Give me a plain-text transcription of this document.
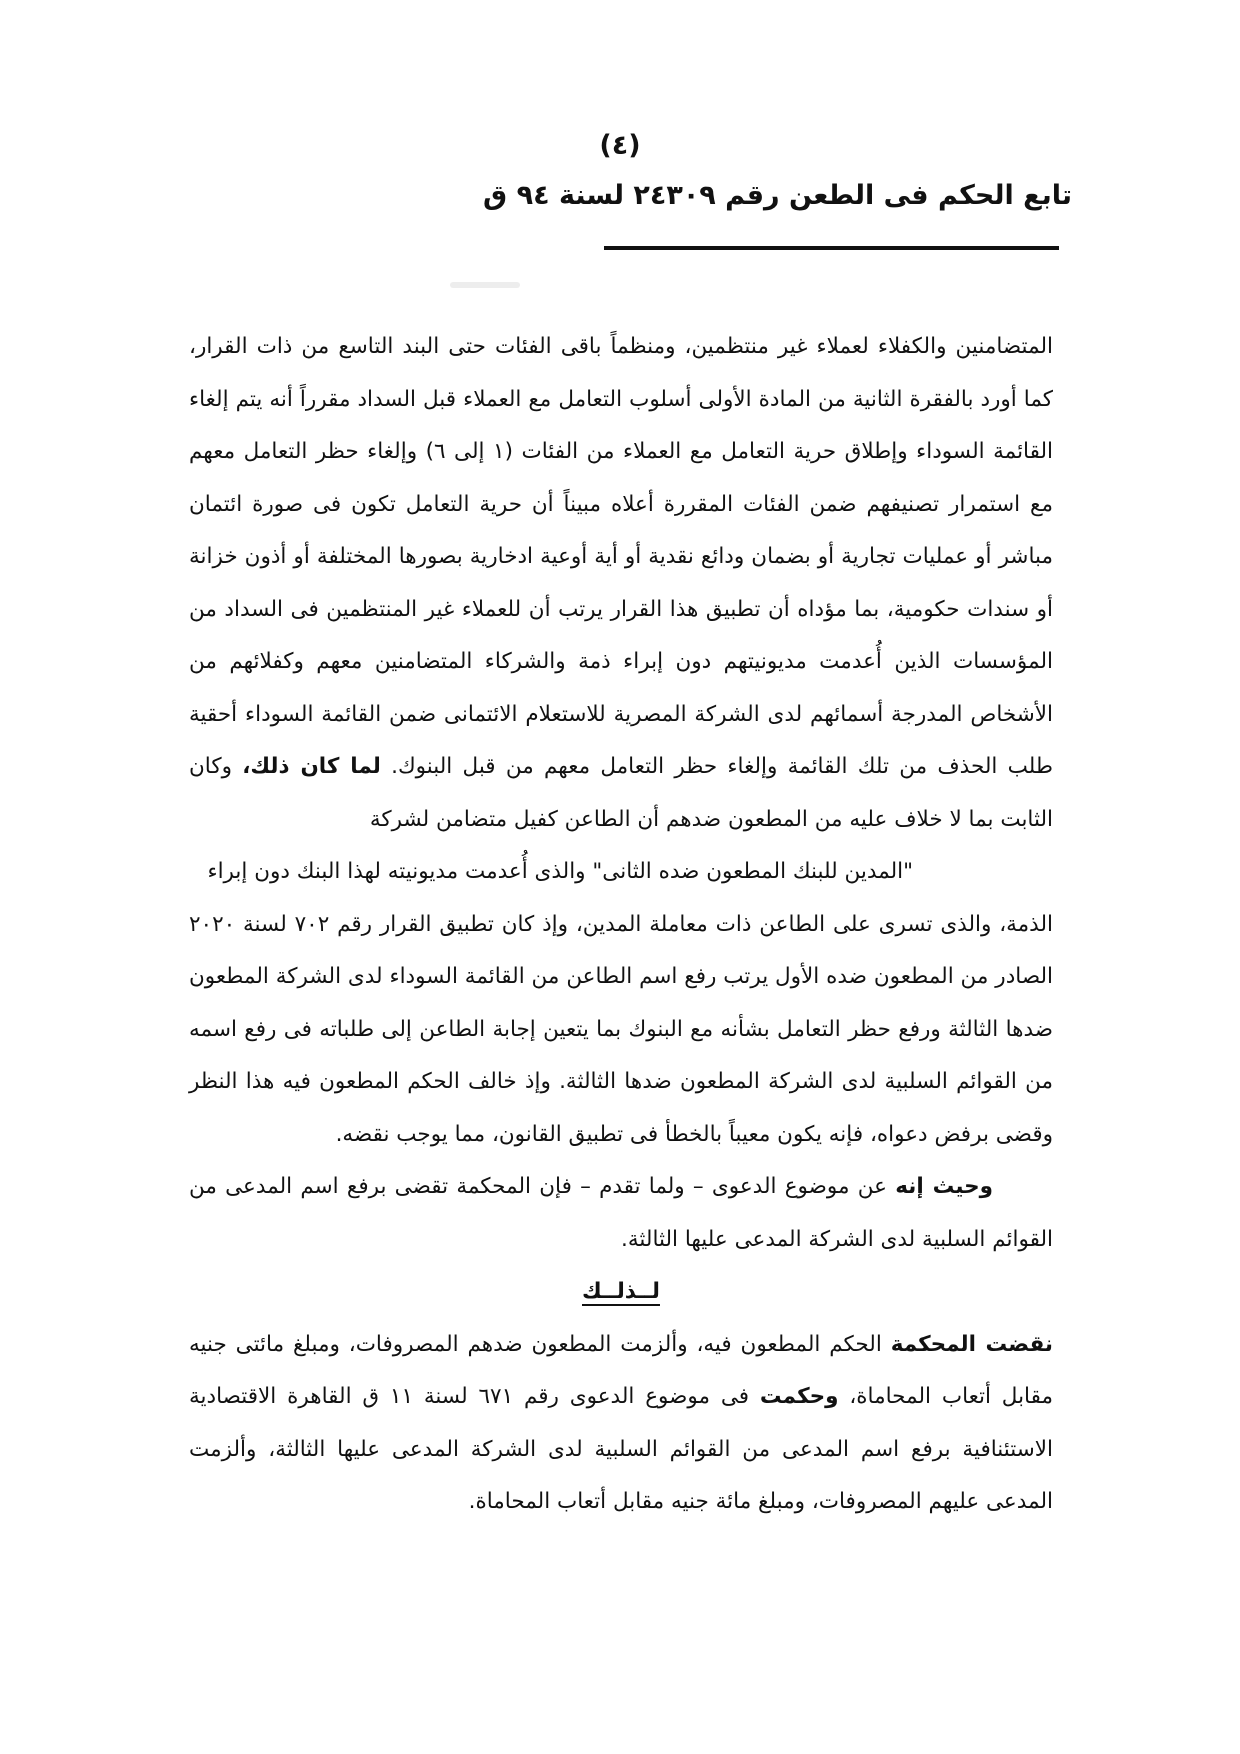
(٤)
تابع الحكم فى الطعن رقم ٢٤٣٠٩ لسنة ٩٤ ق

المتضامنين والكفلاء لعملاء غير منتظمين، ومنظماً باقى الفئات حتى البند التاسع من ذات القرار، كما أورد بالفقرة الثانية من المادة الأولى أسلوب التعامل مع العملاء قبل السداد مقرراً أنه يتم إلغاء القائمة السوداء وإطلاق حرية التعامل مع العملاء من الفئات (١ إلى ٦) وإلغاء حظر التعامل معهم مع استمرار تصنيفهم ضمن الفئات المقررة أعلاه مبيناً أن حرية التعامل تكون فى صورة ائتمان مباشر أو عمليات تجارية أو بضمان ودائع نقدية أو أية أوعية ادخارية بصورها المختلفة أو أذون خزانة أو سندات حكومية، بما مؤداه أن تطبيق هذا القرار يرتب أن للعملاء غير المنتظمين فى السداد من المؤسسات الذين أُعدمت مديونيتهم دون إبراء ذمة والشركاء المتضامنين معهم وكفلائهم من الأشخاص المدرجة أسمائهم لدى الشركة المصرية للاستعلام الائتمانى ضمن القائمة السوداء أحقية طلب الحذف من تلك القائمة وإلغاء حظر التعامل معهم من قبل البنوك. لما كان ذلك، وكان الثابت بما لا خلاف عليه من المطعون ضدهم أن الطاعن كفيل متضامن لشركة

"المدين للبنك المطعون ضده الثانى" والذى أُعدمت مديونيته لهذا البنك دون إبراء

الذمة، والذى تسرى على الطاعن ذات معاملة المدين، وإذ كان تطبيق القرار رقم ٧٠٢ لسنة ٢٠٢٠ الصادر من المطعون ضده الأول يرتب رفع اسم الطاعن من القائمة السوداء لدى الشركة المطعون ضدها الثالثة ورفع حظر التعامل بشأنه مع البنوك بما يتعين إجابة الطاعن إلى طلباته فى رفع اسمه من القوائم السلبية لدى الشركة المطعون ضدها الثالثة. وإذ خالف الحكم المطعون فيه هذا النظر وقضى برفض دعواه، فإنه يكون معيباً بالخطأ فى تطبيق القانون، مما يوجب نقضه.

وحيث إنه عن موضوع الدعوى – ولما تقدم – فإن المحكمة تقضى برفع اسم المدعى من القوائم السلبية لدى الشركة المدعى عليها الثالثة.

لــذلــك

نقضت المحكمة الحكم المطعون فيه، وألزمت المطعون ضدهم المصروفات، ومبلغ مائتى جنيه مقابل أتعاب المحاماة، وحكمت فى موضوع الدعوى رقم ٦٧١ لسنة ١١ ق القاهرة الاقتصادية الاستئنافية برفع اسم المدعى من القوائم السلبية لدى الشركة المدعى عليها الثالثة، وألزمت المدعى عليهم المصروفات، ومبلغ مائة جنيه مقابل أتعاب المحاماة.
